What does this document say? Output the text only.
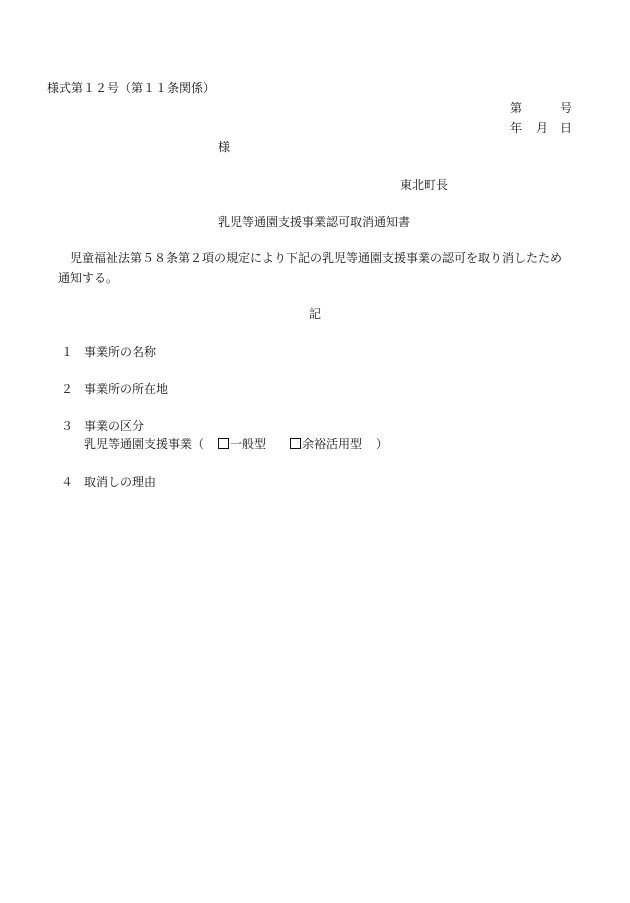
様式第１２号（第１１条関係）
第	号
年 月 日
様
東北町長
乳児等通園支援事業認可取消通知書
児童福祉法第５８条第２項の規定により下記の乳児等通園支援事業の認可を取り消したため
通知する。
記
１ 事業所の名称
２ 事業所の所在地
３ 事業の区分
乳児等通園支援事業（ 一般型	余裕活用型 ）
４ 取消しの理由
